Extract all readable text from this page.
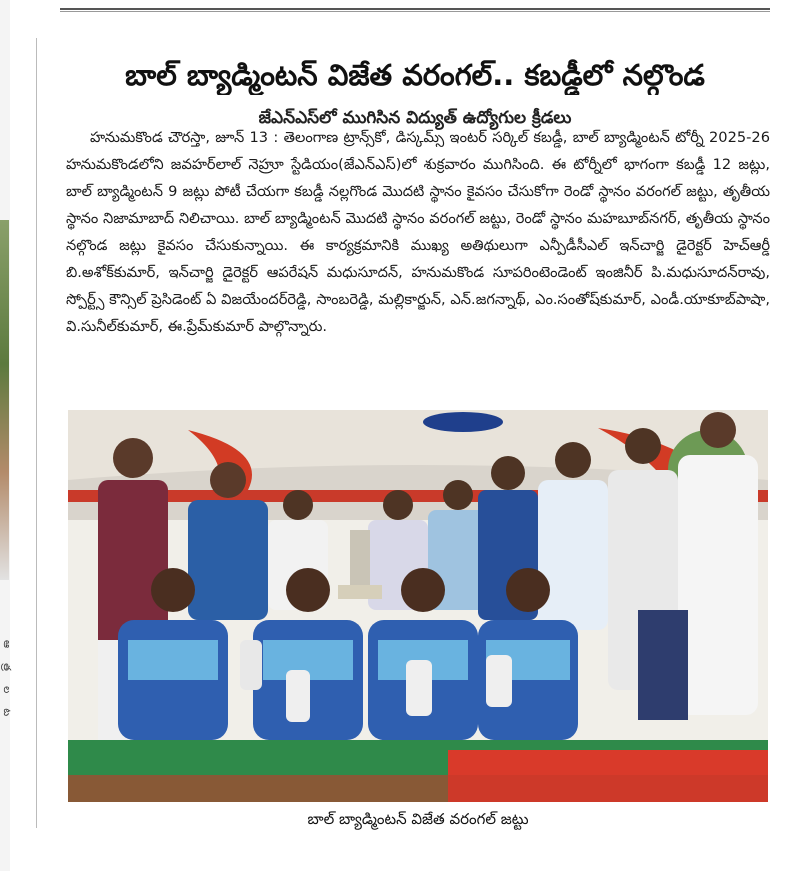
ఆ త్ర ల ట
బాల్ బ్యాడ్మింటన్ విజేత వరంగల్.. కబడ్డీలో నల్గొండ
జేఎన్ఎస్‌లో ముగిసిన విద్యుత్ ఉద్యోగుల క్రీడలు

హనుమకొండ చౌరస్తా, జూన్ 13 : తెలంగాణ ట్రాన్స్‌కో, డిస్కమ్స్ ఇంటర్ సర్కిల్ కబడ్డీ, బాల్ బ్యాడ్మింటన్ టోర్నీ 2025-26 హనుమకొండలోని జవహర్‌లాల్ నెహ్రూ స్టేడియం(జేఎన్ఎస్)లో శుక్రవారం ముగిసింది. ఈ టోర్నీలో భాగంగా కబడ్డీ 12 జట్లు, బాల్ బ్యాడ్మింటన్ 9 జట్లు పోటీ చేయగా కబడ్డీ నల్లగొండ మొదటి స్థానం కైవసం చేసుకోగా రెండో స్థానం వరంగల్ జట్టు, తృతీయ స్థానం నిజామాబాద్ నిలిచాయి. బాల్ బ్యాడ్మింటన్ మొదటి స్థానం వరంగల్ జట్టు, రెండో స్థానం మహబూబ్‌నగర్, తృతీయ స్థానం నల్గొండ జట్లు కైవసం చేసుకున్నాయి. ఈ కార్యక్రమానికి ముఖ్య అతిథులుగా ఎన్పీడీసీఎల్ ఇన్‌చార్జి డైరెక్టర్ హెచ్‌ఆర్డీ బి.అశోక్‌కుమార్, ఇన్‌చార్జి డైరెక్టర్ ఆపరేషన్ మధుసూదన్, హనుమకొండ సూపరింటెండెంట్ ఇంజినీర్ పి.మధుసూదన్‌రావు, స్పోర్ట్స్ కౌన్సిల్ ప్రెసిడెంట్ ఏ విజయేందర్‌రెడ్డి, సాంబరెడ్డి, మల్లికార్జున్, ఎన్.జగన్నాథ్, ఎం.సంతోష్‌కుమార్, ఎండీ.యాకూబ్‌పాషా, వి.సునీల్‌కుమార్, ఈ.ప్రేమ్‌కుమార్ పాల్గొన్నారు.

బాల్ బ్యాడ్మింటన్ విజేత వరంగల్ జట్టు
